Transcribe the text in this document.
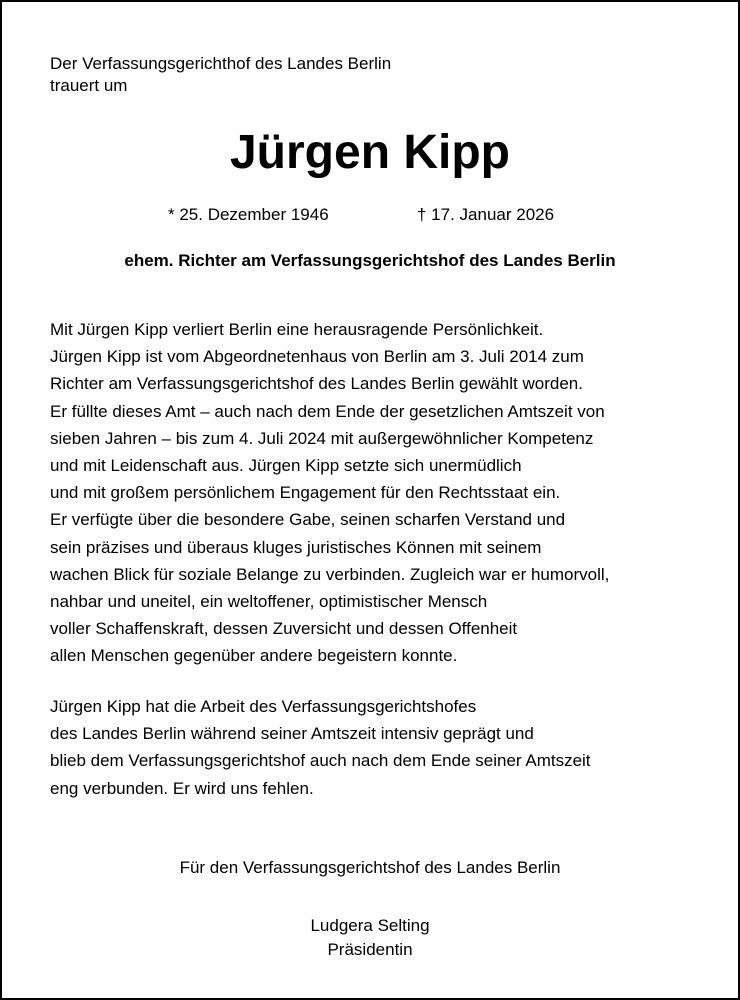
Der Verfassungsgerichthof des Landes Berlin
trauert um
Jürgen Kipp
* 25. Dezember 1946	† 17. Januar 2026
ehem. Richter am Verfassungsgerichtshof des Landes Berlin
Mit Jürgen Kipp verliert Berlin eine herausragende Persönlichkeit.
Jürgen Kipp ist vom Abgeordnetenhaus von Berlin am 3. Juli 2014 zum
Richter am Verfassungsgerichtshof des Landes Berlin gewählt worden.
Er füllte dieses Amt – auch nach dem Ende der gesetzlichen Amtszeit von
sieben Jahren – bis zum 4. Juli 2024 mit außergewöhnlicher Kompetenz
und mit Leidenschaft aus. Jürgen Kipp setzte sich unermüdlich
und mit großem persönlichem Engagement für den Rechtsstaat ein.
Er verfügte über die besondere Gabe, seinen scharfen Verstand und
sein präzises und überaus kluges juristisches Können mit seinem
wachen Blick für soziale Belange zu verbinden. Zugleich war er humorvoll,
nahbar und uneitel, ein weltoffener, optimistischer Mensch
voller Schaffenskraft, dessen Zuversicht und dessen Offenheit
allen Menschen gegenüber andere begeistern konnte.
Jürgen Kipp hat die Arbeit des Verfassungsgerichtshofes
des Landes Berlin während seiner Amtszeit intensiv geprägt und
blieb dem Verfassungsgerichtshof auch nach dem Ende seiner Amtszeit
eng verbunden. Er wird uns fehlen.
Für den Verfassungsgerichtshof des Landes Berlin
Ludgera Selting
Präsidentin
